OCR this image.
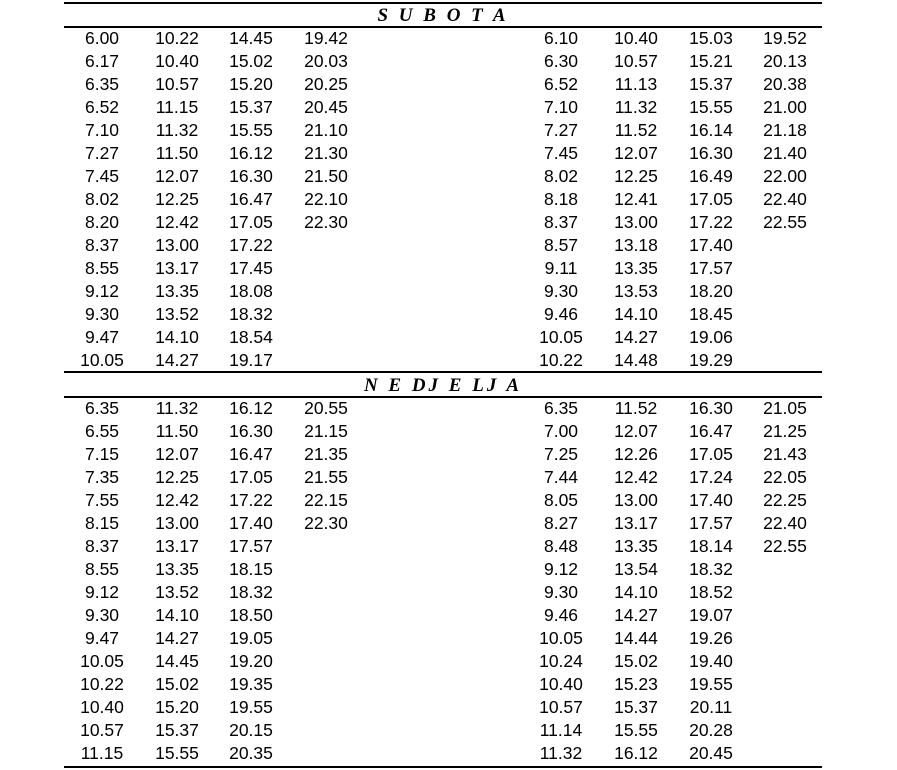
S U B O T A
6.00
6.17
6.35
6.52
7.10
7.27
7.45
8.02
8.20
8.37
8.55
9.12
9.30
9.47
10.05
10.22
10.40
10.57
11.15
11.32
11.50
12.07
12.25
12.42
13.00
13.17
13.35
13.52
14.10
14.27
14.45
15.02
15.20
15.37
15.55
16.12
16.30
16.47
17.05
17.22
17.45
18.08
18.32
18.54
19.17
19.42
20.03
20.25
20.45
21.10
21.30
21.50
22.10
22.30
6.10
6.30
6.52
7.10
7.27
7.45
8.02
8.18
8.37
8.57
9.11
9.30
9.46
10.05
10.22
10.40
10.57
11.13
11.32
11.52
12.07
12.25
12.41
13.00
13.18
13.35
13.53
14.10
14.27
14.48
15.03
15.21
15.37
15.55
16.14
16.30
16.49
17.05
17.22
17.40
17.57
18.20
18.45
19.06
19.29
19.52
20.13
20.38
21.00
21.18
21.40
22.00
22.40
22.55
N E DJ E LJ A
6.35
6.55
7.15
7.35
7.55
8.15
8.37
8.55
9.12
9.30
9.47
10.05
10.22
10.40
10.57
11.15
11.32
11.50
12.07
12.25
12.42
13.00
13.17
13.35
13.52
14.10
14.27
14.45
15.02
15.20
15.37
15.55
16.12
16.30
16.47
17.05
17.22
17.40
17.57
18.15
18.32
18.50
19.05
19.20
19.35
19.55
20.15
20.35
20.55
21.15
21.35
21.55
22.15
22.30
6.35
7.00
7.25
7.44
8.05
8.27
8.48
9.12
9.30
9.46
10.05
10.24
10.40
10.57
11.14
11.32
11.52
12.07
12.26
12.42
13.00
13.17
13.35
13.54
14.10
14.27
14.44
15.02
15.23
15.37
15.55
16.12
16.30
16.47
17.05
17.24
17.40
17.57
18.14
18.32
18.52
19.07
19.26
19.40
19.55
20.11
20.28
20.45
21.05
21.25
21.43
22.05
22.25
22.40
22.55
